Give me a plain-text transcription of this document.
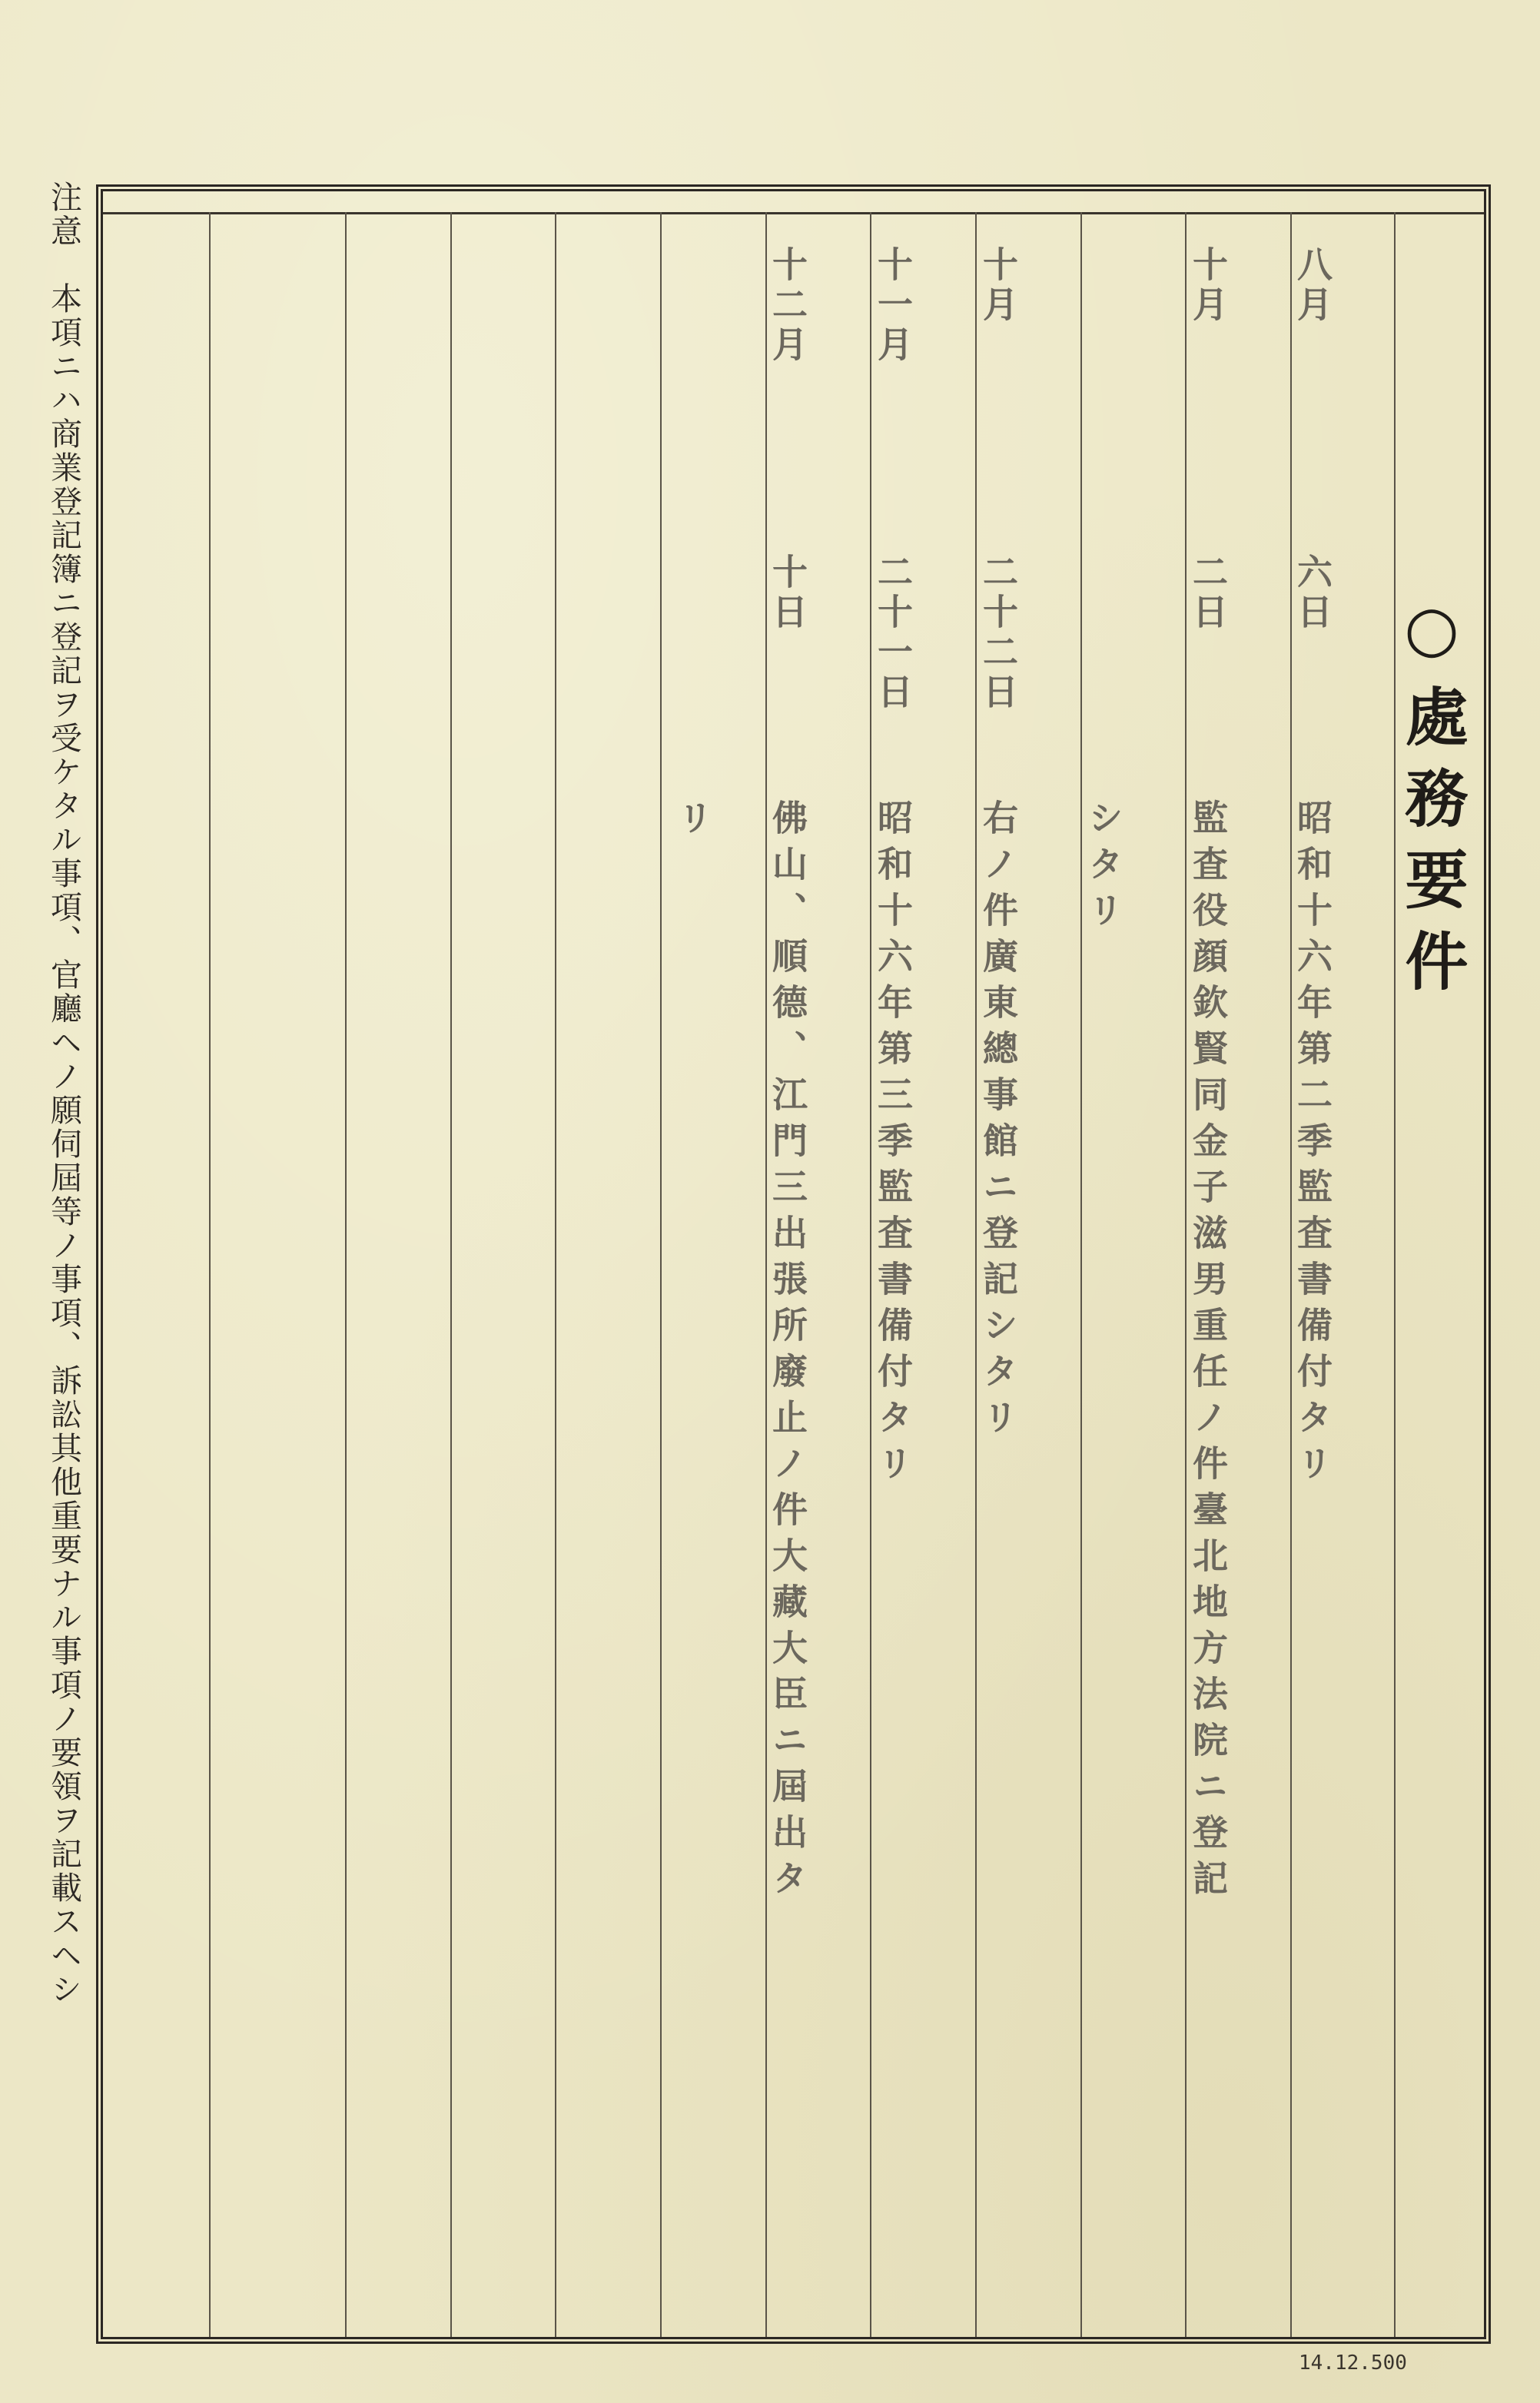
注意　本項ニハ商業登記簿ニ登記ヲ受ケタル事項、官廳ヘノ願伺屆等ノ事項、訴訟其他重要ナル事項ノ要領ヲ記載スヘシ	○處務要件
八月
六日
昭和十六年第二季監査書備付タリ
十月
二日
監査役顔欽賢同金子滋男重任ノ件臺北地方法院ニ登記
シタリ
十月
二十二日
右ノ件廣東總事館ニ登記シタリ
十一月
二十一日
昭和十六年第三季監査書備付タリ
十二月
十日
佛山、順德、江門三出張所廢止ノ件大藏大臣ニ屆出タ
リ
14.12.500
